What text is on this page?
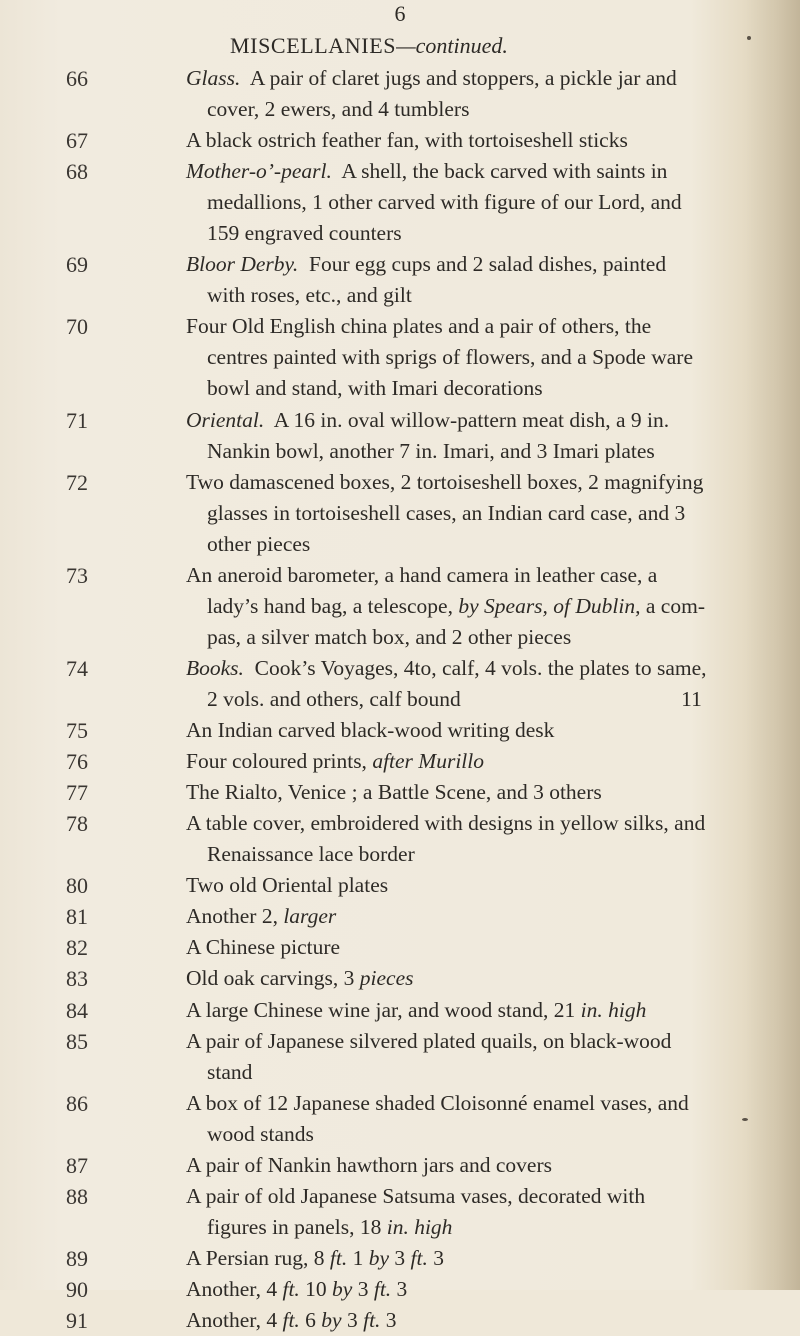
6
MISCELLANIES—continued.
66	Glass.  A pair of claret jugs and stoppers, a pickle jar and
cover, 2 ewers, and 4 tumblers
67	A black ostrich feather fan, with tortoiseshell sticks
68	Mother-o’-pearl.  A shell, the back carved with saints in
medallions, 1 other carved with figure of our Lord, and
159 engraved counters
69	Bloor Derby.  Four egg cups and 2 salad dishes, painted
with roses, etc., and gilt
70	Four Old English china plates and a pair of others, the
centres painted with sprigs of flowers, and a Spode ware
bowl and stand, with Imari decorations
71	Oriental.  A 16 in. oval willow-pattern meat dish, a 9 in.
Nankin bowl, another 7 in. Imari, and 3 Imari plates
72	Two damascened boxes, 2 tortoiseshell boxes, 2 magnifying
glasses in tortoiseshell cases, an Indian card case, and 3
other pieces
73	An aneroid barometer, a hand camera in leather case, a
lady’s hand bag, a telescope, by Spears, of Dublin, a com-
pas, a silver match box, and 2 other pieces
74	Books.  Cook’s Voyages, 4to, calf, 4 vols. the plates to same,
2 vols. and others, calf bound                                         11
75	An Indian carved black-wood writing desk
76	Four coloured prints, after Murillo
77	The Rialto, Venice ; a Battle Scene, and 3 others
78	A table cover, embroidered with designs in yellow silks, and
Renaissance lace border
80	Two old Oriental plates
81	Another 2, larger
82	A Chinese picture
83	Old oak carvings, 3 pieces
84	A large Chinese wine jar, and wood stand, 21 in. high
85	A pair of Japanese silvered plated quails, on black-wood
stand
86	A box of 12 Japanese shaded Cloisonné enamel vases, and
wood stands
87	A pair of Nankin hawthorn jars and covers
88	A pair of old Japanese Satsuma vases, decorated with
figures in panels, 18 in. high
89	A Persian rug, 8 ft. 1 by 3 ft. 3
90	Another, 4 ft. 10 by 3 ft. 3
91	Another, 4 ft. 6 by 3 ft. 3
